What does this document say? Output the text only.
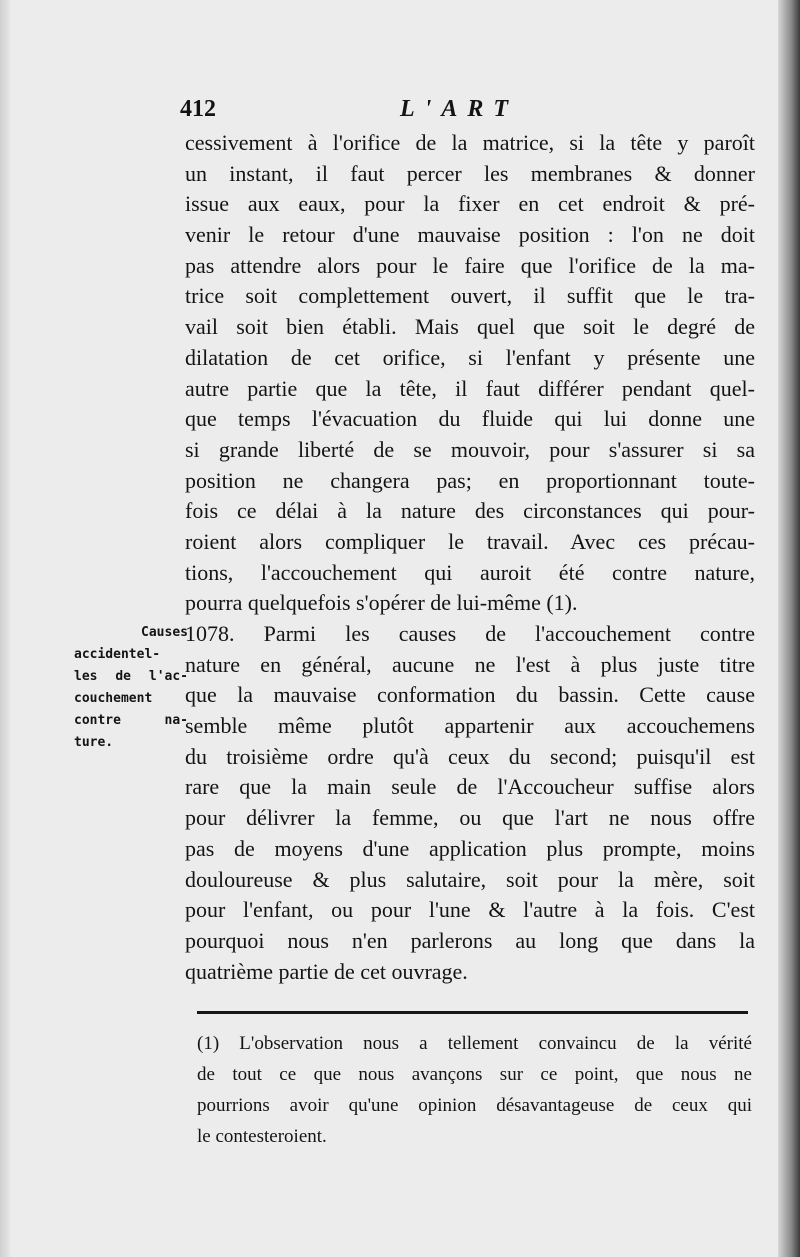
412	L'ART
cessivement à l'orifice de la matrice, si la tête y paroît
un instant, il faut percer les membranes & donner
issue aux eaux, pour la fixer en cet endroit & pré-
venir le retour d'une mauvaise position : l'on ne doit
pas attendre alors pour le faire que l'orifice de la ma-
trice soit complettement ouvert, il suffit que le tra-
vail soit bien établi. Mais quel que soit le degré de
dilatation de cet orifice, si l'enfant y présente une
autre partie que la tête, il faut différer pendant quel-
que temps l'évacuation du fluide qui lui donne une
si grande liberté de se mouvoir, pour s'assurer si sa
position ne changera pas; en proportionnant toute-
fois ce délai à la nature des circonstances qui pour-
roient alors compliquer le travail. Avec ces précau-
tions, l'accouchement qui auroit été contre nature,
pourra quelquefois s'opérer de lui-même (1).
1078. Parmi les causes de l'accouchement contre
nature en général, aucune ne l'est à plus juste titre
que la mauvaise conformation du bassin. Cette cause
semble même plutôt appartenir aux accouchemens
du troisième ordre qu'à ceux du second; puisqu'il est
rare que la main seule de l'Accoucheur suffise alors
pour délivrer la femme, ou que l'art ne nous offre
pas de moyens d'une application plus prompte, moins
douloureuse & plus salutaire, soit pour la mère, soit
pour l'enfant, ou pour l'une & l'autre à la fois. C'est
pourquoi nous n'en parlerons au long que dans la
quatrième partie de cet ouvrage.
Causes
accidentel-
les de l'ac-
couchement
contre na-
ture.
(1) L'observation nous a tellement convaincu de la vérité
de tout ce que nous avançons sur ce point, que nous ne
pourrions avoir qu'une opinion désavantageuse de ceux qui
le contesteroient.
